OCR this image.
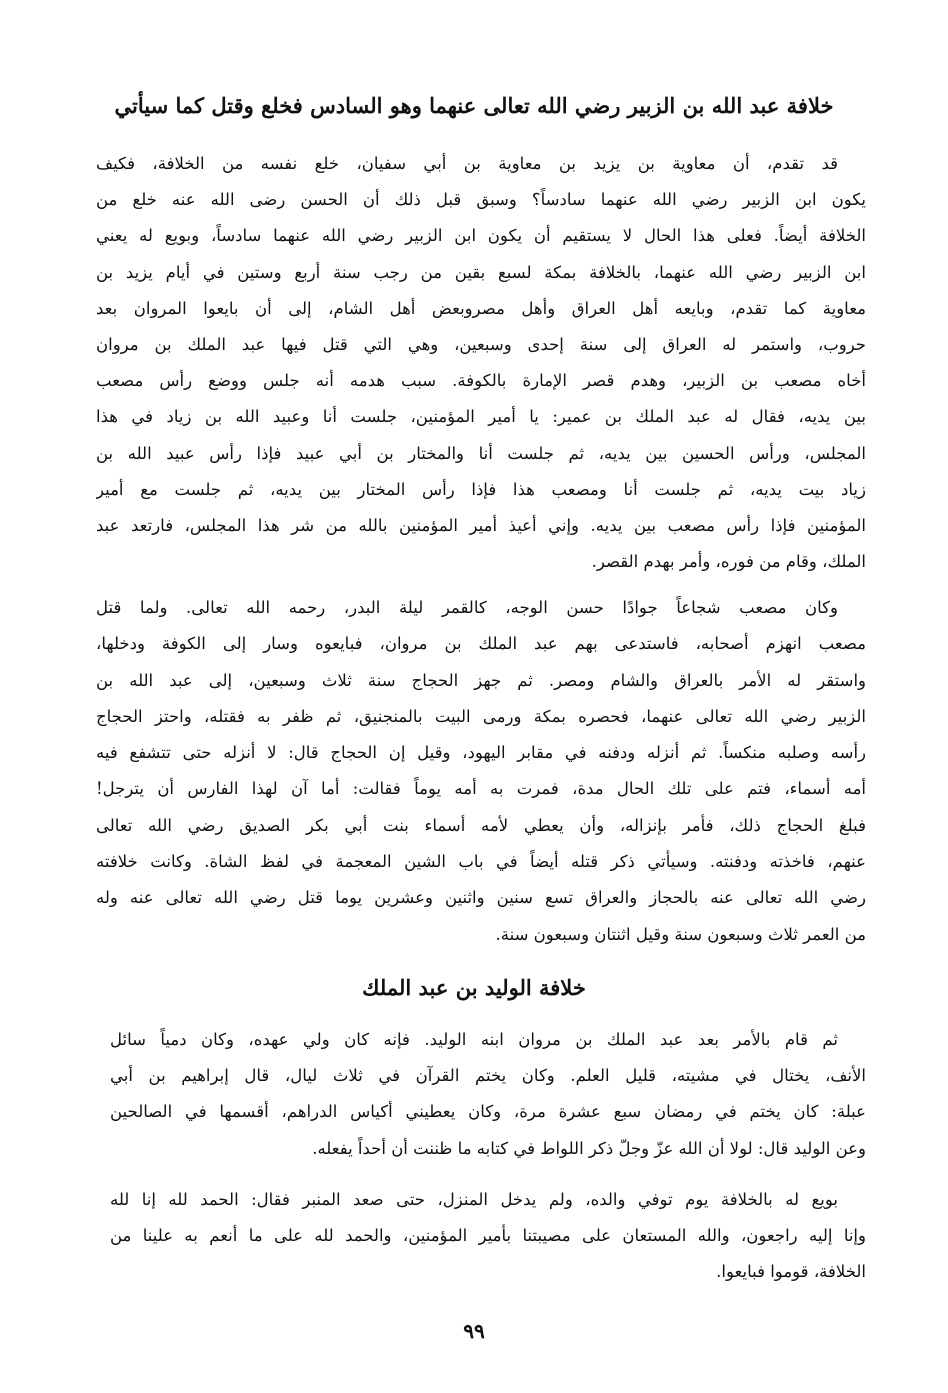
خلافة عبد الله بن الزبير رضي الله تعالى عنهما وهو السادس فخلع وقتل كما سيأتي
قد تقدم، أن معاوية بن يزيد بن معاوية بن أبي سفيان، خلع نفسه من الخلافة، فكيف
يكون ابن الزبير رضي الله عنهما سادساً؟ وسبق قبل ذلك أن الحسن رضى الله عنه خلع من
الخلافة أيضاً. فعلى هذا الحال لا يستقيم أن يكون ابن الزبير رضي الله عنهما سادساً، وبويع له يعني
ابن الزبير رضي الله عنهما، بالخلافة بمكة لسبع بقين من رجب سنة أربع وستين في أيام يزيد بن
معاوية كما تقدم، وبايعه أهل العراق وأهل مصروبعض أهل الشام، إلى أن بايعوا المروان بعد
حروب، واستمر له العراق إلى سنة إحدى وسبعين، وهي التي قتل فيها عبد الملك بن مروان
أخاه مصعب بن الزبير، وهدم قصر الإمارة بالكوفة. سبب هدمه أنه جلس ووضع رأس مصعب
بين يديه، فقال له عبد الملك بن عمير: يا أمير المؤمنين، جلست أنا وعبيد الله بن زياد في هذا
المجلس، ورأس الحسين بين يديه، ثم جلست أنا والمختار بن أبي عبيد فإذا رأس عبيد الله بن
زياد بيت يديه، ثم جلست أنا ومصعب هذا فإذا رأس المختار بين يديه، ثم جلست مع أمير
المؤمنين فإذا رأس مصعب بين يديه. وإني أعيذ أمير المؤمنين بالله من شر هذا المجلس، فارتعد عبد
الملك، وقام من فوره، وأمر بهدم القصر.
وكان مصعب شجاعاً جوادًا حسن الوجه، كالقمر ليلة البدر، رحمه الله تعالى. ولما قتل
مصعب انهزم أصحابه، فاستدعى بهم عبد الملك بن مروان، فبايعوه وسار إلى الكوفة ودخلها،
واستقر له الأمر بالعراق والشام ومصر. ثم جهز الحجاج سنة ثلاث وسبعين، إلى عبد الله بن
الزبير رضي الله تعالى عنهما، فحصره بمكة ورمى البيت بالمنجنيق، ثم ظفر به فقتله، واحتز الحجاج
رأسه وصلبه منكساً. ثم أنزله ودفنه في مقابر اليهود، وقيل إن الحجاج قال: لا أنزله حتى تتشفع فيه
أمه أسماء، فتم على تلك الحال مدة، فمرت به أمه يوماً فقالت: أما آن لهذا الفارس أن يترجل!
فبلغ الحجاج ذلك، فأمر بإنزاله، وأن يعطي لأمه أسماء بنت أبي بكر الصديق رضي الله تعالى
عنهم، فاخذته ودفنته. وسيأتي ذكر قتله أيضاً في باب الشين المعجمة في لفظ الشاة. وكانت خلافته
رضي الله تعالى عنه بالحجاز والعراق تسع سنين واثنين وعشرين يوما قتل رضي الله تعالى عنه وله
من العمر ثلاث وسبعون سنة وقيل اثنتان وسبعون سنة.
خلافة الوليد بن عبد الملك
ثم قام بالأمر بعد عبد الملك بن مروان ابنه الوليد. فإنه كان ولي عهده، وكان دمياً سائل
الأنف، يختال في مشيته، قليل العلم. وكان يختم القرآن في ثلاث ليال، قال إبراهيم بن أبي
عبلة: كان يختم في رمضان سبع عشرة مرة، وكان يعطيني أكياس الدراهم، أقسمها في الصالحين
وعن الوليد قال: لولا أن الله عزّ وجلّ ذكر اللواط في كتابه ما ظننت أن أحداً يفعله.
بويع له بالخلافة يوم توفي والده، ولم يدخل المنزل، حتى صعد المنبر فقال: الحمد لله إنا لله
وإنا إليه راجعون، والله المستعان على مصيبتنا بأمير المؤمنين، والحمد لله على ما أنعم به علينا من
الخلافة، قوموا فبايعوا.
٩٩
